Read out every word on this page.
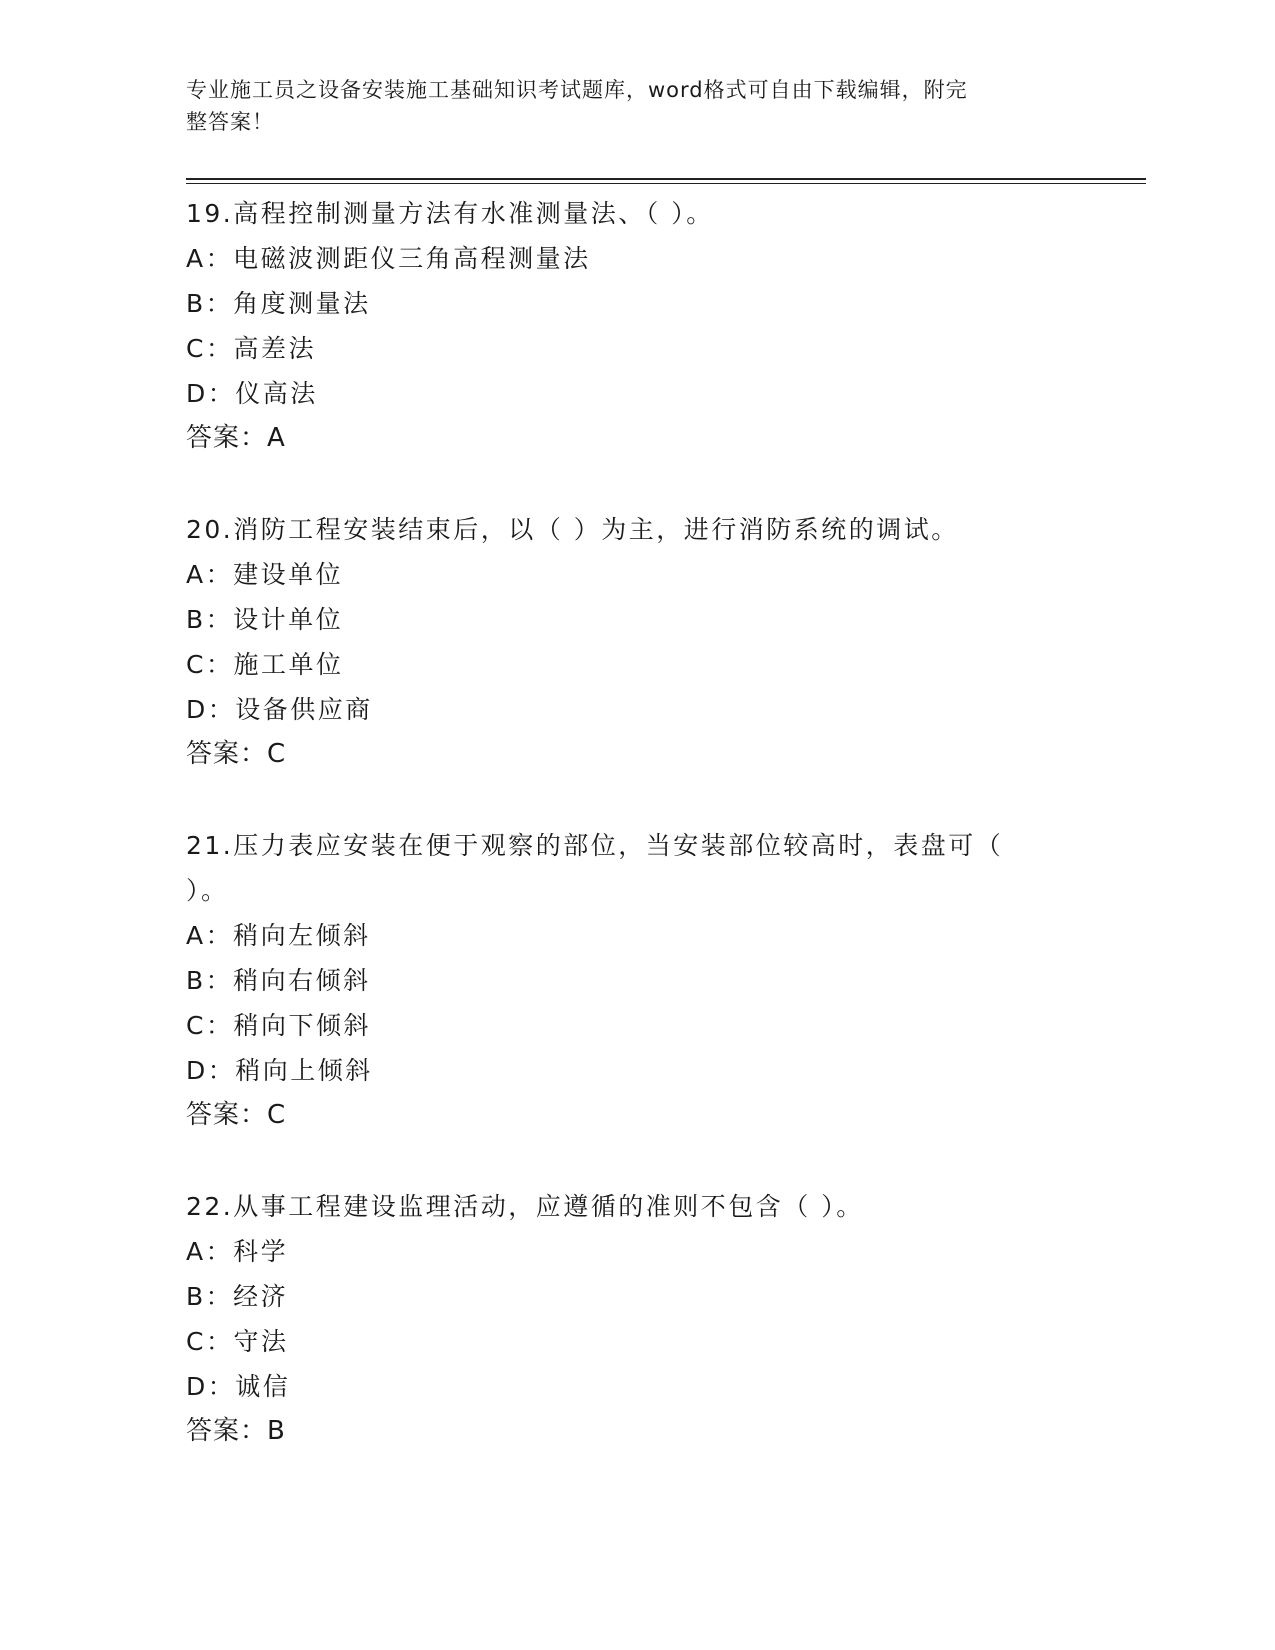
专业施工员之设备安装施工基础知识考试题库，word格式可自由下载编辑，附完
整答案！
19.高程控制测量方法有水准测量法、（ ）。
A：电磁波测距仪三角高程测量法
B：角度测量法
C：高差法
D：仪高法
答案：A
20.消防工程安装结束后，以（ ）为主，进行消防系统的调试。
A：建设单位
B：设计单位
C：施工单位
D：设备供应商
答案：C
21.压力表应安装在便于观察的部位，当安装部位较高时，表盘可（ ）。
A：稍向左倾斜
B：稍向右倾斜
C：稍向下倾斜
D：稍向上倾斜
答案：C
22.从事工程建设监理活动，应遵循的准则不包含（ ）。
A：科学
B：经济
C：守法
D：诚信
答案：B
